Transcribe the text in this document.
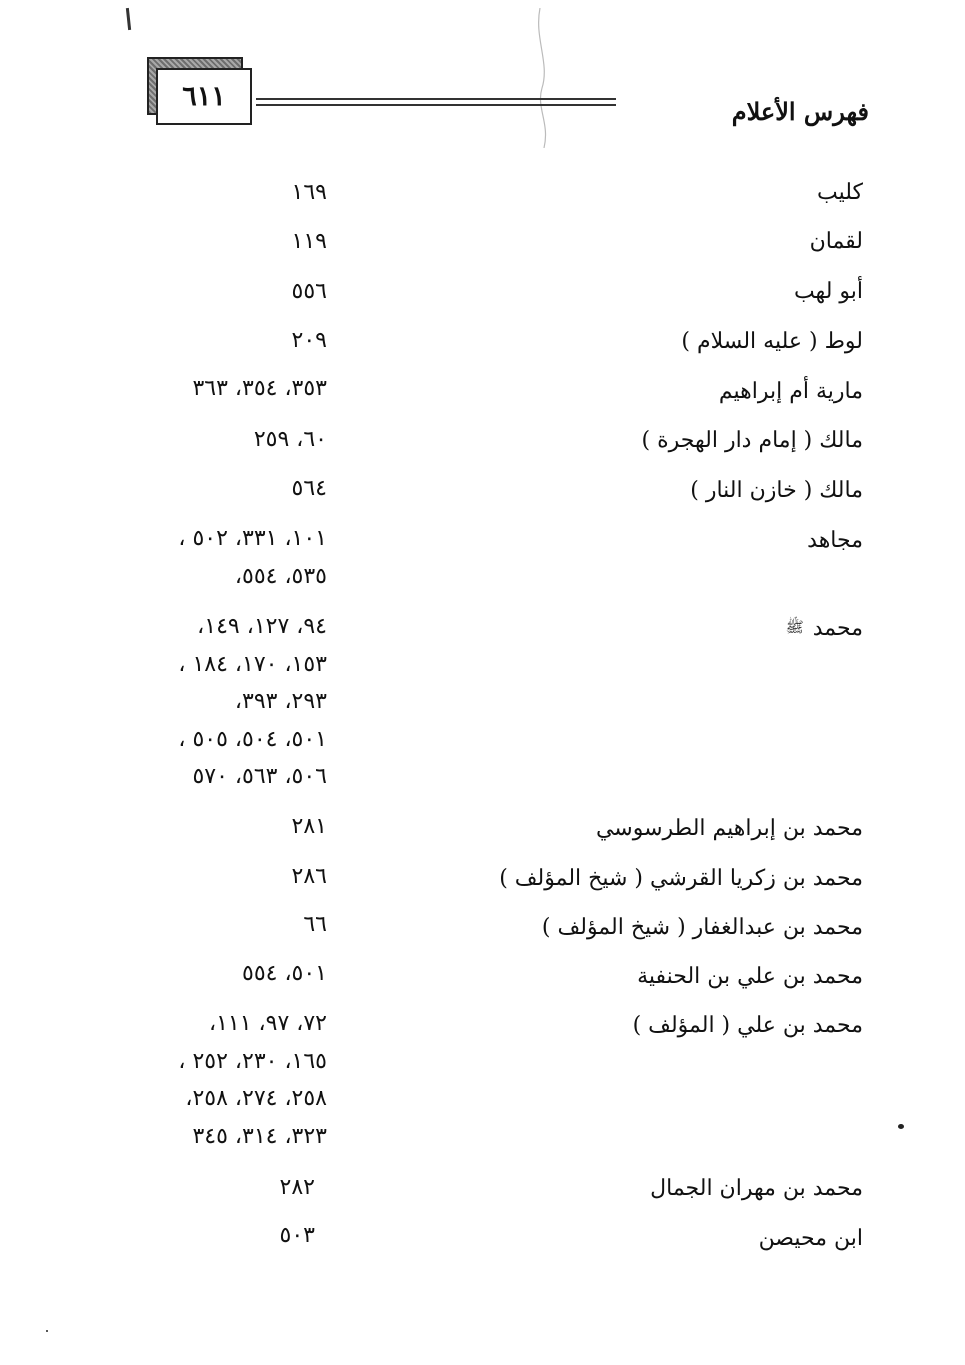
٦١١	فهرس الأعلام
كليب
١٦٩
لقمان
١١٩
أبو لهب
٥٥٦
لوط ( عليه السلام )
٢٠٩
مارية أم إبراهيم
٣٥٣، ٣٥٤، ٣٦٣
مالك ( إمام دار الهجرة )
٦٠، ٢٥٩
مالك ( خازن النار )
٥٦٤
مجاهد
١٠١، ٣٣١، ٥٠٢ ،
٥٣٥، ٥٥٤،
محمد ﷺ
٩٤، ١٢٧، ١٤٩،
١٥٣، ١٧٠، ١٨٤ ،
٢٩٣، ٣٩٣،
٥٠١، ٥٠٤، ٥٠٥ ،
٥٠٦، ٥٦٣، ٥٧٠
محمد بن إبراهيم الطرسوسي
٢٨١
محمد بن زكريا القرشي ( شيخ المؤلف )
٢٨٦
محمد بن عبدالغفار ( شيخ المؤلف )
٦٦
محمد بن علي بن الحنفية
٥٠١، ٥٥٤
محمد بن علي ( المؤلف )
٧٢، ٩٧، ١١١،
١٦٥، ٢٣٠، ٢٥٢ ،
٢٥٨، ٢٧٤، ٢٥٨،
٣٢٣، ٣١٤، ٣٤٥
محمد بن مهران الجمال
٢٨٢
ابن محيصن
٥٠٣
